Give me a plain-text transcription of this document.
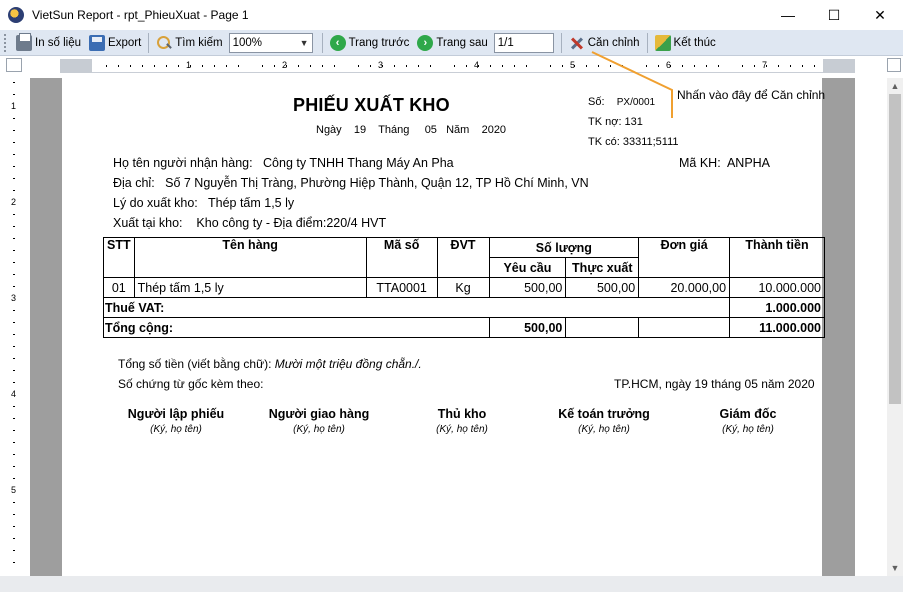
VietSun Report - rpt_PhieuXuat - Page 1	—	☐	✕
In số liệu Export	Tìm kiếm 100%	▼	‹ Trang trước	› Trang sau
1/1	Căn chỉnh	Kết thúc
1	2	3	4	5	6	7
1
2
3
4
5
PHIẾU XUẤT KHO
Ngày 19 Tháng 05 Năm 2020
Số: PX/0001
TK nợ: 131
TK có: 33311;5111
Họ tên người nhận hàng: Công ty TNHH Thang Máy An Pha	Mã KH: ANPHA
Địa chỉ: Số 7 Nguyễn Thị Tràng, Phường Hiệp Thành, Quận 12, TP Hồ Chí Minh, VN
Lý do xuất kho: Thép tấm 1,5 ly
Xuất tại kho: Kho công ty - Địa điểm:220/4 HVT
STT	Tên hàng	Mã số	ĐVT	Số lượng		Đơn giá	Thành tiền
				Yêu cầu	Thực xuất		
01	Thép tấm 1,5 ly	TTA0001	Kg	500,00	500,00	20.000,00	10.000.000
Thuế VAT:							1.000.000
Tổng cộng:				500,00			11.000.000
Tổng số tiền (viết bằng chữ): Mười một triệu đồng chẵn./.
Số chứng từ gốc kèm theo:	TP.HCM, ngày 19 tháng 05 năm 2020
Người lập phiếu
(Ký, họ tên)
Người giao hàng
(Ký, họ tên)
Thủ kho
(Ký, họ tên)
Kế toán trưởng
(Ký, họ tên)
Giám đốc
(Ký, họ tên)
Nhấn vào đây để Căn chỉnh
▲
▼
